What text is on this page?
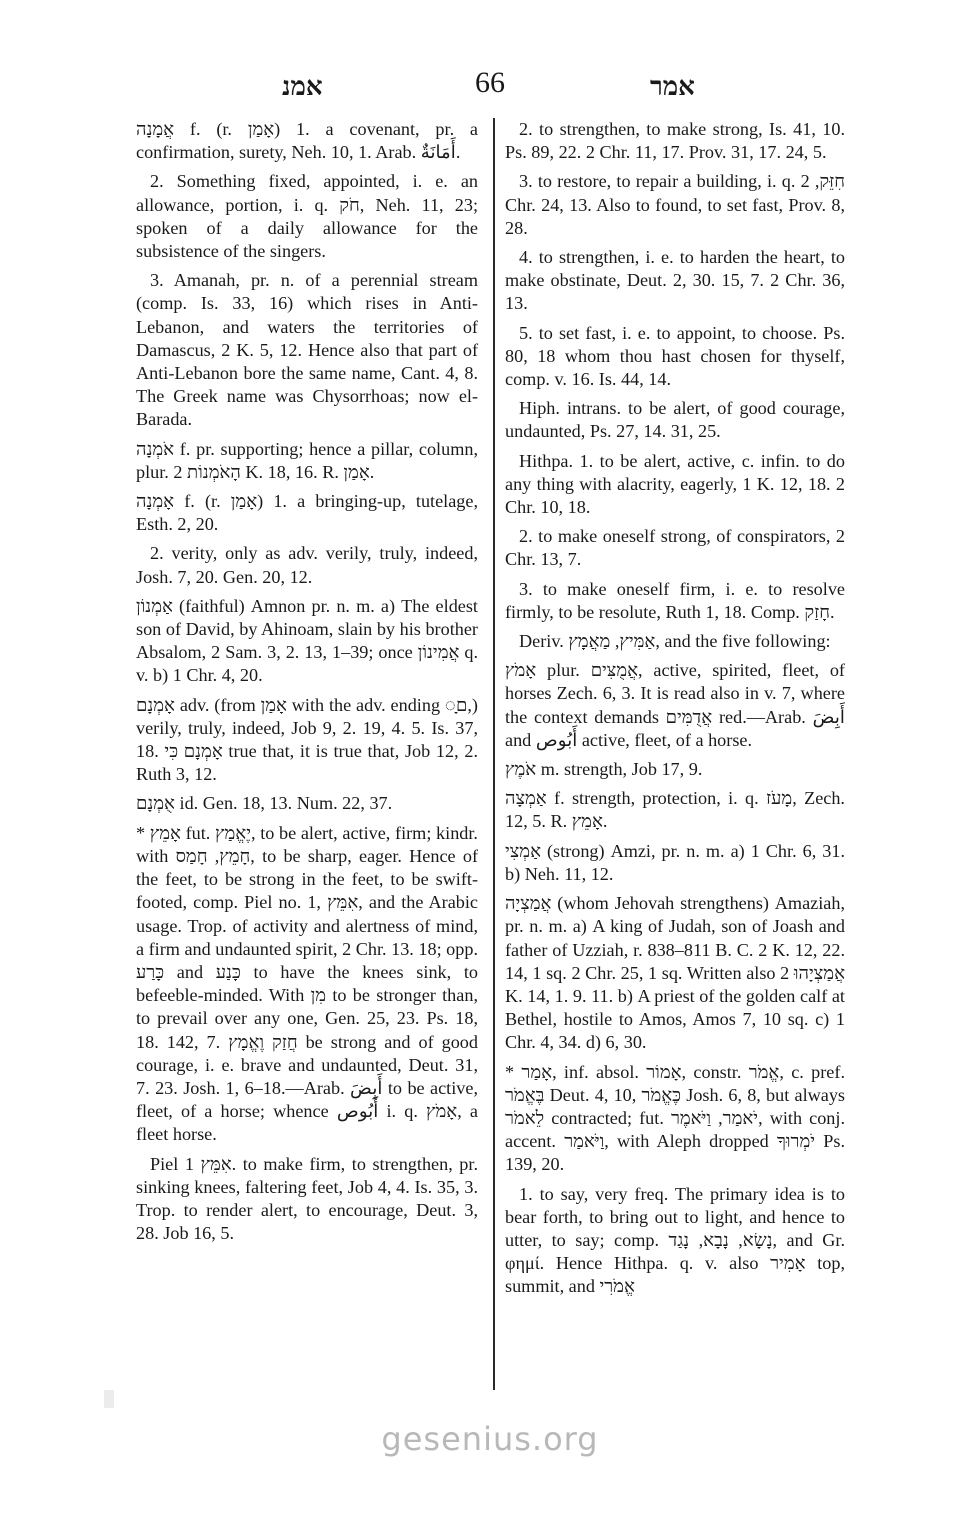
אמנ	66	אמר

אֲמָנָה f. (r. אָמַן) 1. a covenant, pr. a confirmation, surety, Neh. 10, 1. Arab. أَمَانَةٌ.

2. Something fixed, appointed, i. e. an allowance, portion, i. q. חֹק, Neh. 11, 23; spoken of a daily allowance for the subsistence of the singers.

3. Amanah, pr. n. of a perennial stream (comp. Is. 33, 16) which rises in Anti-Lebanon, and waters the territories of Damascus, 2 K. 5, 12. Hence also that part of Anti-Lebanon bore the same name, Cant. 4, 8. The Greek name was Chysorrhoas; now el-Barada.

אֹמְנָה f. pr. supporting; hence a pillar, column, plur. הָאֹמְנוֹת 2 K. 18, 16. R. אָמַן.

אָמְנָה f. (r. אָמַן) 1. a bringing-up, tutelage, Esth. 2, 20.

2. verity, only as adv. verily, truly, indeed, Josh. 7, 20. Gen. 20, 12.

אַמְנוֹן (faithful) Amnon pr. n. m. a) The eldest son of David, by Ahinoam, slain by his brother Absalom, 2 Sam. 3, 2. 13, 1–39; once אֲמִינוֹן q. v. b) 1 Chr. 4, 20.

אָמְנָם adv. (from אָמַן with the adv. ending ◌ָם,) verily, truly, indeed, Job 9, 2. 19, 4. 5. Is. 37, 18. אָמְנָם כִּי true that, it is true that, Job 12, 2. Ruth 3, 12.

אֻמְנָם id. Gen. 18, 13. Num. 22, 37.

* אָמֵץ fut. יֶאֱמַץ, to be alert, active, firm; kindr. with חָמֵץ, חָמַס, to be sharp, eager. Hence of the feet, to be strong in the feet, to be swift-footed, comp. Piel no. 1, אִמֵּץ, and the Arabic usage. Trop. of activity and alertness of mind, a firm and undaunted spirit, 2 Chr. 13. 18; opp. כָּרַע and כָּנַע to have the knees sink, to befeeble-minded. With מִן to be stronger than, to prevail over any one, Gen. 25, 23. Ps. 18, 18. 142, 7. חֲזַק וֶאֱמָץ be strong and of good courage, i. e. brave and undaunted, Deut. 31, 7. 23. Josh. 1, 6–18.—Arab. أَبِضَ to be active, fleet, of a horse; whence أَبُوص i. q. אָמֹץ, a fleet horse.

Piel אִמֵּץ 1. to make firm, to strengthen, pr. sinking knees, faltering feet, Job 4, 4. Is. 35, 3. Trop. to render alert, to encourage, Deut. 3, 28. Job 16, 5.

2. to strengthen, to make strong, Is. 41, 10. Ps. 89, 22. 2 Chr. 11, 17. Prov. 31, 17. 24, 5.

3. to restore, to repair a building, i. q. חִזֵּק, 2 Chr. 24, 13. Also to found, to set fast, Prov. 8, 28.

4. to strengthen, i. e. to harden the heart, to make obstinate, Deut. 2, 30. 15, 7. 2 Chr. 36, 13.

5. to set fast, i. e. to appoint, to choose. Ps. 80, 18 whom thou hast chosen for thyself, comp. v. 16. Is. 44, 14.

Hiph. intrans. to be alert, of good courage, undaunted, Ps. 27, 14. 31, 25.

Hithpa. 1. to be alert, active, c. infin. to do any thing with alacrity, eagerly, 1 K. 12, 18. 2 Chr. 10, 18.

2. to make oneself strong, of conspirators, 2 Chr. 13, 7.

3. to make oneself firm, i. e. to resolve firmly, to be resolute, Ruth 1, 18. Comp. חָזַק.

Deriv. אַמִּיץ, מַאֲמָץ, and the five following:

אָמֹץ plur. אֲמֻצִּים, active, spirited, fleet, of horses Zech. 6, 3. It is read also in v. 7, where the context demands אֲדֻמִּים red.—Arab. أَبِضَ and أَبُوص active, fleet, of a horse.

אֹמֶץ m. strength, Job 17, 9.

אַמְצָה f. strength, protection, i. q. מָעֹז, Zech. 12, 5. R. אָמֵץ.

אַמְצִי (strong) Amzi, pr. n. m. a) 1 Chr. 6, 31. b) Neh. 11, 12.

אֲמַצְיָה (whom Jehovah strengthens) Amaziah, pr. n. m. a) A king of Judah, son of Joash and father of Uzziah, r. 838–811 B. C. 2 K. 12, 22. 14, 1 sq. 2 Chr. 25, 1 sq. Written also אֲמַצְיָהוּ 2 K. 14, 1. 9. 11. b) A priest of the golden calf at Bethel, hostile to Amos, Amos 7, 10 sq. c) 1 Chr. 4, 34. d) 6, 30.

* אָמַר, inf. absol. אָמוֹר, constr. אֱמֹר, c. pref. בֶּאֱמֹר Deut. 4, 10, כֶּאֱמֹר Josh. 6, 8, but always לֵאמֹר contracted; fut. יֹאמַר, וַיֹּאמֶר, with conj. accent. וַיֹּאמַר, with Aleph dropped יֹמְרוּךָ Ps. 139, 20.

1. to say, very freq. The primary idea is to bear forth, to bring out to light, and hence to utter, to say; comp. נָשָׂא, נָבָא, נָגַד, and Gr. φημί. Hence Hithpa. q. v. also אָמִיר top, summit, and אֱמֹרִי

gesenius.org
